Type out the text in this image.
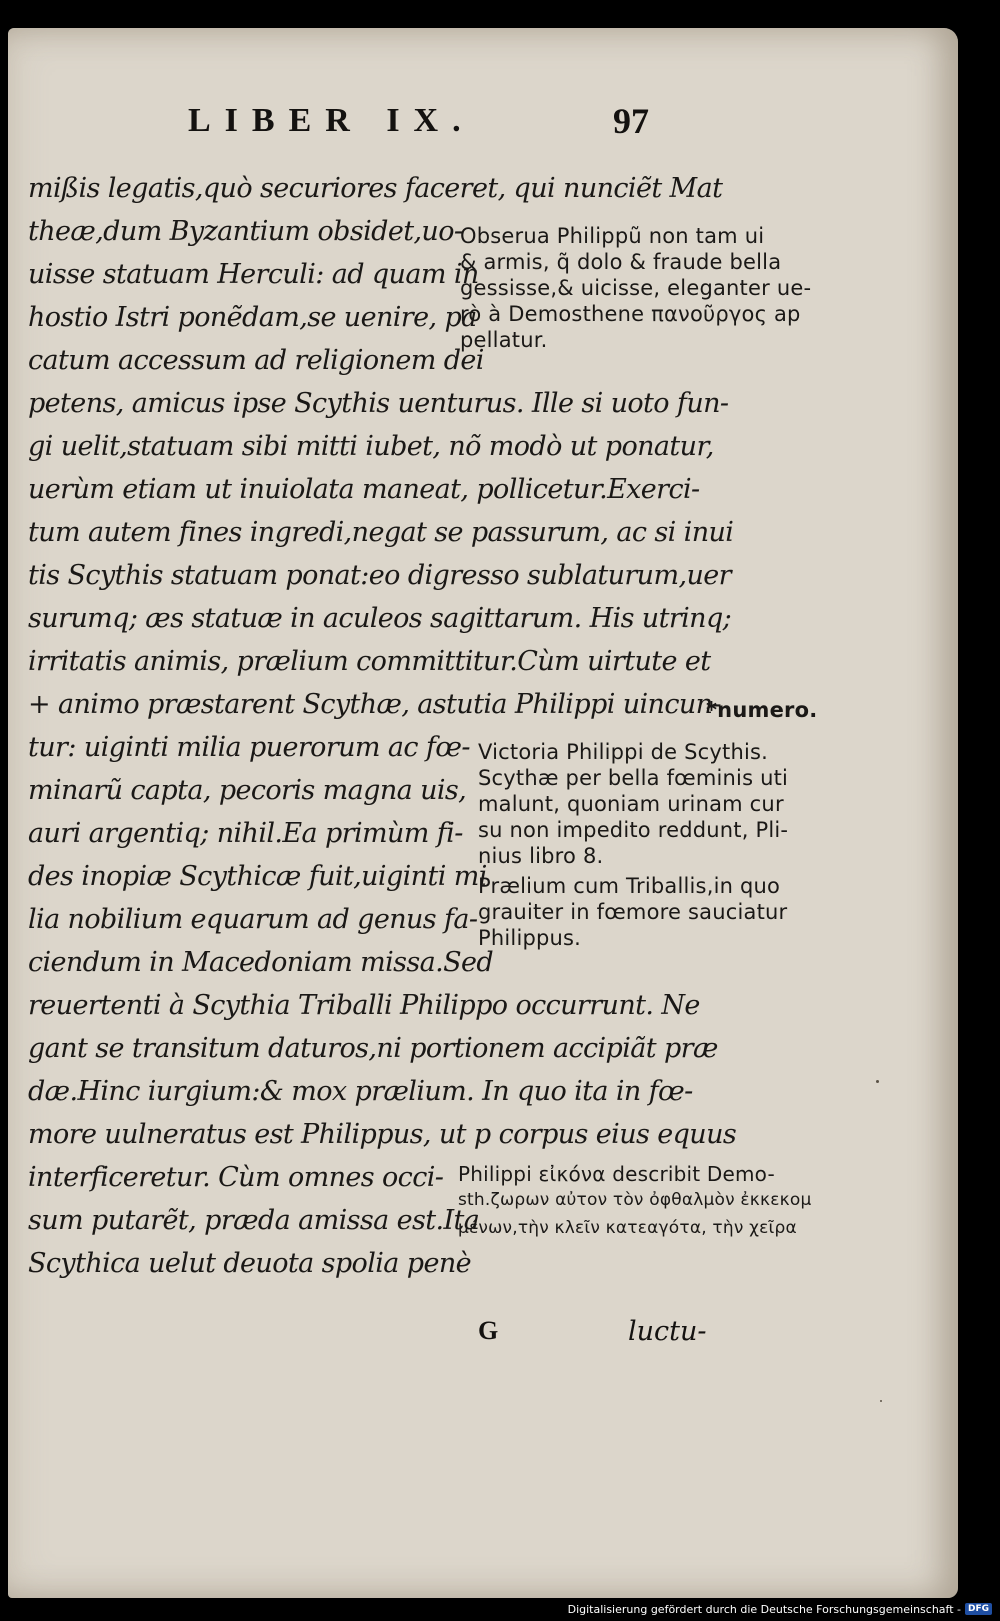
LIBER IX.	97
mißis legatis,quò securiores faceret, qui nunciẽt Mat
theæ,dum Byzantium obsidet,uo-
uisse statuam Herculi: ad quam in
hostio Istri ponẽdam,se uenire, pa
catum accessum ad religionem dei
petens, amicus ipse Scythis uenturus. Ille si uoto fun-
gi uelit,statuam sibi mitti iubet, nõ modò ut ponatur,
uerùm etiam ut inuiolata maneat, pollicetur.Exerci-
tum autem fines ingredi,negat se passurum, ac si inui
tis Scythis statuam ponat:eo digresso sublaturum,uer
surumq; æs statuæ in aculeos sagittarum. His utrinq;
irritatis animis, prælium committitur.Cùm uirtute et
+ animo præstarent Scythæ, astutia Philippi uincun-
tur: uiginti milia puerorum ac fœ-
minarũ capta, pecoris magna uis,
auri argentiq; nihil.Ea primùm fi-
des inopiæ Scythicæ fuit,uiginti mi
lia nobilium equarum ad genus fa-
ciendum in Macedoniam missa.Sed
reuertenti à Scythia Triballi Philippo occurrunt. Ne
gant se transitum daturos,ni portionem accipiãt præ
dæ.Hinc iurgium:& mox prælium. In quo ita in fœ-
more uulneratus est Philippus, ut p corpus eius equus
interficeretur. Cùm omnes occi-
sum putarẽt, præda amissa est.Ita
Scythica uelut deuota spolia penè
Obserua Philippũ non tam ui
& armis, q̃ dolo & fraude bella
gessisse,& uicisse, eleganter ue-
rò à Demosthene πανοῦργος ap
pellatur.
*numero.
Victoria Philippi de Scythis.
Scythæ per bella fœminis uti
malunt, quoniam urinam cur
su non impedito reddunt, Pli-
nius libro 8.
Prælium cum Triballis,in quo
grauiter in fœmore sauciatur
Philippus.
Philippi εἰκόνα describit Demo-
sth.ζωρων αὐτον τὸν ὀφθαλμὸν ἐκκεκομ
μένων,τὴν κλεῖν κατεαγότα, τὴν χεῖρα
G	luctu-
Digitalisierung gefördert durch die Deutsche Forschungsgemeinschaft - DFG
